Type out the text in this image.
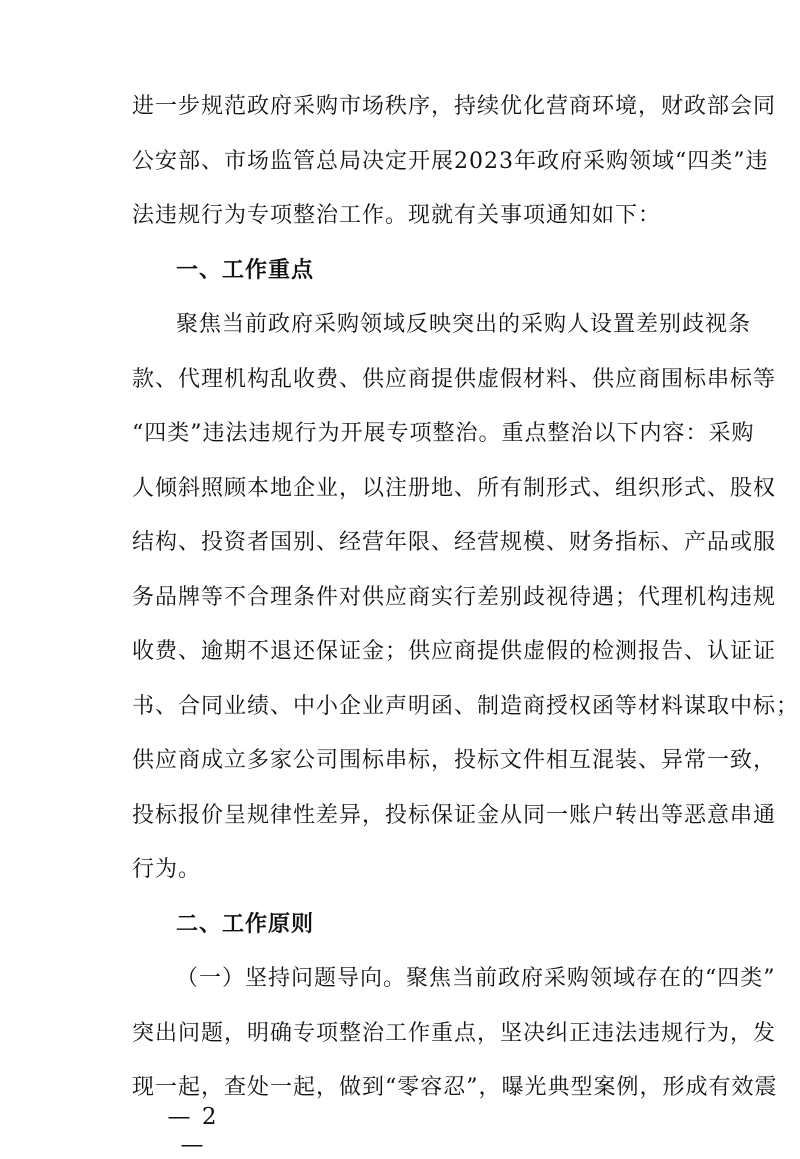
进一步规范政府采购市场秩序，持续优化营商环境，财政部会同
公安部、市场监管总局决定开展2023年政府采购领域“四类”违
法违规行为专项整治工作。现就有关事项通知如下：
一、工作重点
聚焦当前政府采购领域反映突出的采购人设置差别歧视条
款、代理机构乱收费、供应商提供虚假材料、供应商围标串标等
“四类”违法违规行为开展专项整治。重点整治以下内容：采购
人倾斜照顾本地企业，以注册地、所有制形式、组织形式、股权
结构、投资者国别、经营年限、经营规模、财务指标、产品或服
务品牌等不合理条件对供应商实行差别歧视待遇；代理机构违规
收费、逾期不退还保证金；供应商提供虚假的检测报告、认证证
书、合同业绩、中小企业声明函、制造商授权函等材料谋取中标；
供应商成立多家公司围标串标，投标文件相互混装、异常一致，
投标报价呈规律性差异，投标保证金从同一账户转出等恶意串通
行为。
二、工作原则
（一）坚持问题导向。聚焦当前政府采购领域存在的“四类”
突出问题，明确专项整治工作重点，坚决纠正违法违规行为，发
现一起，查处一起，做到“零容忍”，曝光典型案例，形成有效震
— 2 —
